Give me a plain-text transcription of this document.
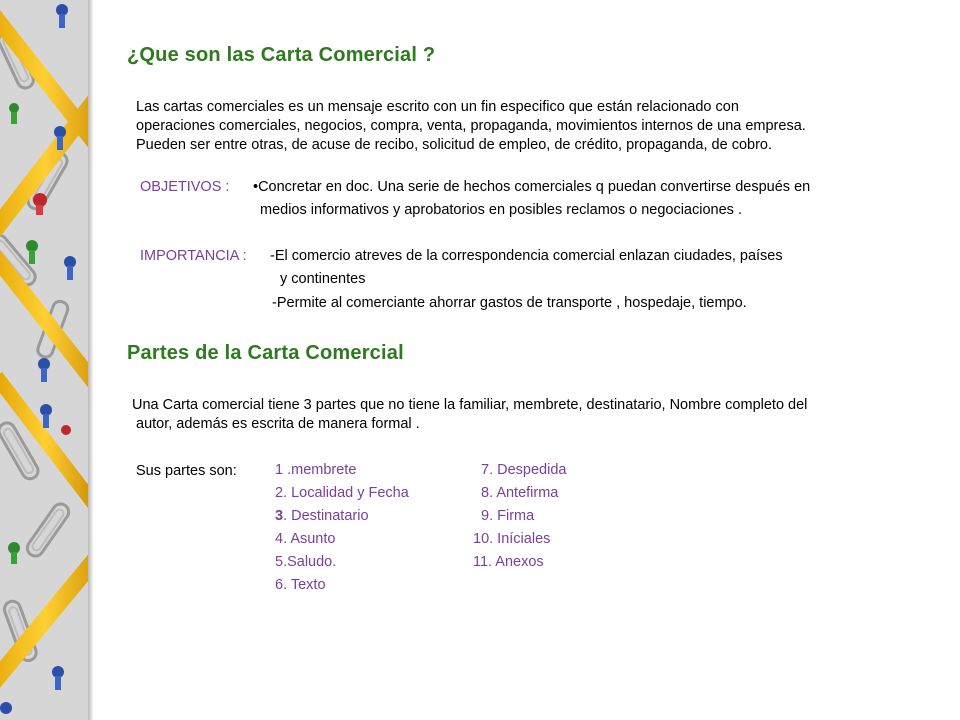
¿Que son las Carta Comercial ?
Las cartas comerciales es un mensaje escrito con un fin especifico que están relacionado con
operaciones comerciales, negocios, compra, venta, propaganda, movimientos internos de una empresa.
Pueden ser entre otras, de acuse de recibo, solicitud de empleo, de crédito, propaganda, de cobro.
OBJETIVOS : •Concretar en doc. Una serie de hechos comerciales q puedan convertirse después en
medios informativos y aprobatorios en posibles reclamos o negociaciones .
IMPORTANCIA : -El comercio atreves de la correspondencia comercial enlazan ciudades, países
y continentes
-Permite al comerciante ahorrar gastos de transporte , hospedaje, tiempo.
Partes de la Carta Comercial
Una Carta comercial tiene 3 partes que no tiene la familiar, membrete, destinatario, Nombre completo del
autor, además es escrita de manera formal .
Sus partes son:	1 .membrete
2. Localidad y Fecha
3. Destinatario
4. Asunto
5.Saludo.
6. Texto
7. Despedida
8. Antefirma
9. Firma
10. Iníciales
11. Anexos
